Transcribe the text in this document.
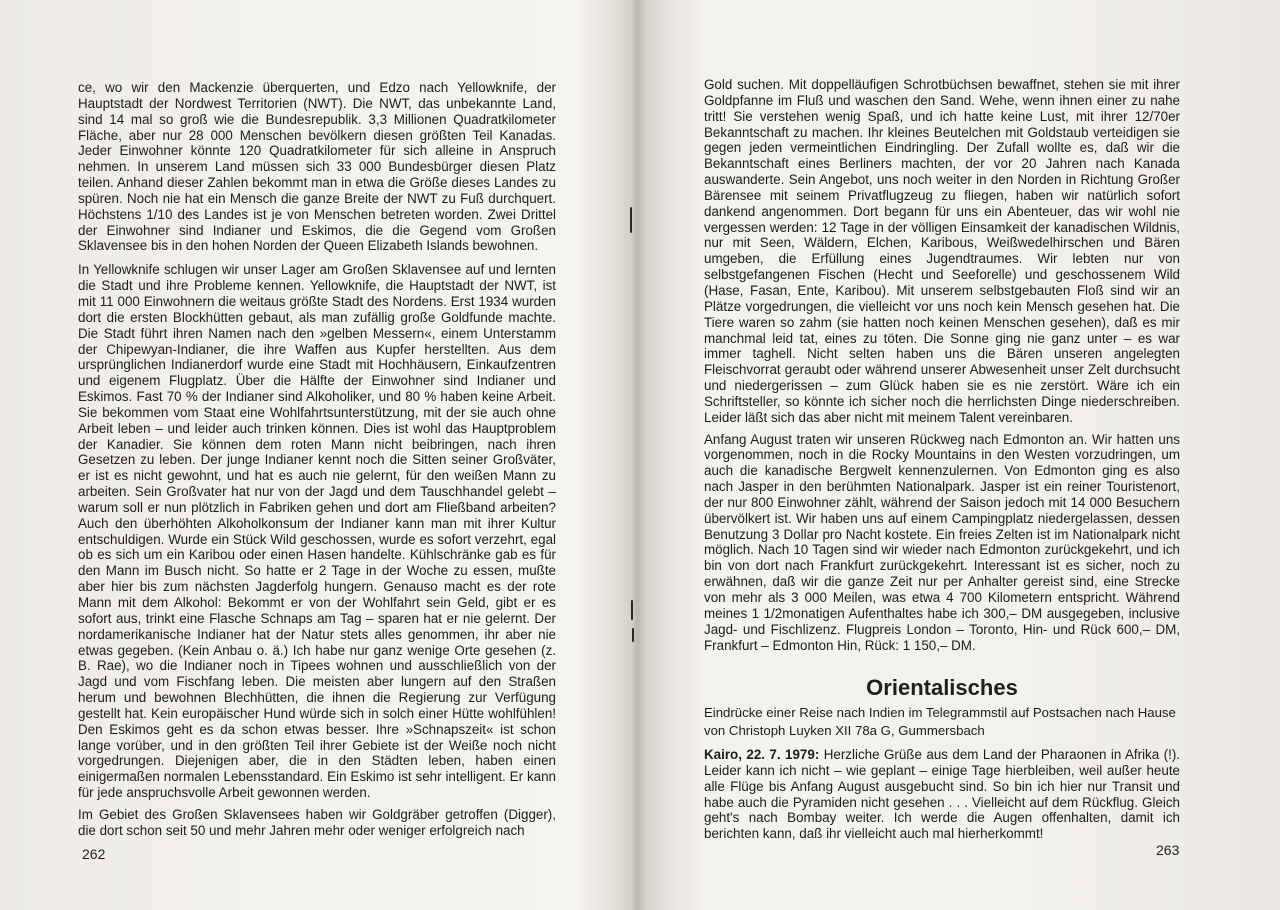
ce, wo wir den Mackenzie überquerten, und Edzo nach Yellowknife, der Hauptstadt der Nordwest Territorien (NWT). Die NWT, das unbekannte Land, sind 14 mal so groß wie die Bundesrepublik. 3,3 Millionen Quadratkilometer Fläche, aber nur 28 000 Menschen bevölkern diesen größten Teil Kanadas. Jeder Einwohner könnte 120 Quadratkilometer für sich alleine in Anspruch nehmen. In unserem Land müssen sich 33 000 Bundesbürger diesen Platz teilen. Anhand dieser Zahlen bekommt man in etwa die Größe dieses Landes zu spüren. Noch nie hat ein Mensch die ganze Breite der NWT zu Fuß durchquert. Höchstens 1/10 des Landes ist je von Menschen betreten worden. Zwei Drittel der Einwohner sind Indianer und Eskimos, die die Gegend vom Großen Sklavensee bis in den hohen Norden der Queen Elizabeth Islands bewohnen.

In Yellowknife schlugen wir unser Lager am Großen Sklavensee auf und lernten die Stadt und ihre Probleme kennen. Yellowknife, die Hauptstadt der NWT, ist mit 11 000 Einwohnern die weitaus größte Stadt des Nordens. Erst 1934 wurden dort die ersten Blockhütten gebaut, als man zufällig große Goldfunde machte. Die Stadt führt ihren Namen nach den »gelben Messern«, einem Unterstamm der Chipewyan-Indianer, die ihre Waffen aus Kupfer herstellten. Aus dem ursprünglichen Indianerdorf wurde eine Stadt mit Hochhäusern, Einkaufzentren und eigenem Flugplatz. Über die Hälfte der Einwohner sind Indianer und Eskimos. Fast 70 % der Indianer sind Alkoholiker, und 80 % haben keine Arbeit. Sie bekommen vom Staat eine Wohlfahrtsunterstützung, mit der sie auch ohne Arbeit leben – und leider auch trinken können. Dies ist wohl das Hauptproblem der Kanadier. Sie können dem roten Mann nicht beibringen, nach ihren Gesetzen zu leben. Der junge Indianer kennt noch die Sitten seiner Großväter, er ist es nicht gewohnt, und hat es auch nie gelernt, für den weißen Mann zu arbeiten. Sein Großvater hat nur von der Jagd und dem Tauschhandel gelebt – warum soll er nun plötzlich in Fabriken gehen und dort am Fließband arbeiten? Auch den überhöhten Alkoholkonsum der Indianer kann man mit ihrer Kultur entschuldigen. Wurde ein Stück Wild geschossen, wurde es sofort verzehrt, egal ob es sich um ein Karibou oder einen Hasen handelte. Kühlschränke gab es für den Mann im Busch nicht. So hatte er 2 Tage in der Woche zu essen, mußte aber hier bis zum nächsten Jagderfolg hungern. Genauso macht es der rote Mann mit dem Alkohol: Bekommt er von der Wohlfahrt sein Geld, gibt er es sofort aus, trinkt eine Flasche Schnaps am Tag – sparen hat er nie gelernt. Der nordamerikanische Indianer hat der Natur stets alles genommen, ihr aber nie etwas gegeben. (Kein Anbau o. ä.) Ich habe nur ganz wenige Orte gesehen (z. B. Rae), wo die Indianer noch in Tipees wohnen und ausschließlich von der Jagd und vom Fischfang leben. Die meisten aber lungern auf den Straßen herum und bewohnen Blechhütten, die ihnen die Regierung zur Verfügung gestellt hat. Kein europäischer Hund würde sich in solch einer Hütte wohlfühlen! Den Eskimos geht es da schon etwas besser. Ihre »Schnapszeit« ist schon lange vorüber, und in den größten Teil ihrer Gebiete ist der Weiße noch nicht vorgedrungen. Diejenigen aber, die in den Städten leben, haben einen einigermaßen normalen Lebensstandard. Ein Eskimo ist sehr intelligent. Er kann für jede anspruchsvolle Arbeit gewonnen werden.

Im Gebiet des Großen Sklavensees haben wir Goldgräber getroffen (Digger), die dort schon seit 50 und mehr Jahren mehr oder weniger erfolgreich nach

262

Gold suchen. Mit doppelläufigen Schrotbüchsen bewaffnet, stehen sie mit ihrer Goldpfanne im Fluß und waschen den Sand. Wehe, wenn ihnen einer zu nahe tritt! Sie verstehen wenig Spaß, und ich hatte keine Lust, mit ihrer 12/70er Bekanntschaft zu machen. Ihr kleines Beutelchen mit Goldstaub verteidigen sie gegen jeden vermeintlichen Eindringling. Der Zufall wollte es, daß wir die Bekanntschaft eines Berliners machten, der vor 20 Jahren nach Kanada auswanderte. Sein Angebot, uns noch weiter in den Norden in Richtung Großer Bärensee mit seinem Privatflugzeug zu fliegen, haben wir natürlich sofort dankend angenommen. Dort begann für uns ein Abenteuer, das wir wohl nie vergessen werden: 12 Tage in der völligen Einsamkeit der kanadischen Wildnis, nur mit Seen, Wäldern, Elchen, Karibous, Weißwedelhirschen und Bären umgeben, die Erfüllung eines Jugendtraumes. Wir lebten nur von selbstgefangenen Fischen (Hecht und Seeforelle) und geschossenem Wild (Hase, Fasan, Ente, Karibou). Mit unserem selbstgebauten Floß sind wir an Plätze vorgedrungen, die vielleicht vor uns noch kein Mensch gesehen hat. Die Tiere waren so zahm (sie hatten noch keinen Menschen gesehen), daß es mir manchmal leid tat, eines zu töten. Die Sonne ging nie ganz unter – es war immer taghell. Nicht selten haben uns die Bären unseren angelegten Fleischvorrat geraubt oder während unserer Abwesenheit unser Zelt durchsucht und niedergerissen – zum Glück haben sie es nie zerstört. Wäre ich ein Schriftsteller, so könnte ich sicher noch die herrlichsten Dinge niederschreiben. Leider läßt sich das aber nicht mit meinem Talent vereinbaren.

Anfang August traten wir unseren Rückweg nach Edmonton an. Wir hatten uns vorgenommen, noch in die Rocky Mountains in den Westen vorzudringen, um auch die kanadische Bergwelt kennenzulernen. Von Edmonton ging es also nach Jasper in den berühmten Nationalpark. Jasper ist ein reiner Touristenort, der nur 800 Einwohner zählt, während der Saison jedoch mit 14 000 Besuchern übervölkert ist. Wir haben uns auf einem Campingplatz niedergelassen, dessen Benutzung 3 Dollar pro Nacht kostete. Ein freies Zelten ist im Nationalpark nicht möglich. Nach 10 Tagen sind wir wieder nach Edmonton zurückgekehrt, und ich bin von dort nach Frankfurt zurückgekehrt. Interessant ist es sicher, noch zu erwähnen, daß wir die ganze Zeit nur per Anhalter gereist sind, eine Strecke von mehr als 3 000 Meilen, was etwa 4 700 Kilometern entspricht. Während meines 1 1/2monatigen Aufenthaltes habe ich 300,– DM ausgegeben, inclusive Jagd- und Fischlizenz. Flugpreis London – Toronto, Hin- und Rück 600,– DM, Frankfurt – Edmonton Hin, Rück: 1 150,– DM.

Orientalisches

Eindrücke einer Reise nach Indien im Telegrammstil auf Postsachen nach Hause

von Christoph Luyken XII 78a G, Gummersbach

Kairo, 22. 7. 1979: Herzliche Grüße aus dem Land der Pharaonen in Afrika (!). Leider kann ich nicht – wie geplant – einige Tage hierbleiben, weil außer heute alle Flüge bis Anfang August ausgebucht sind. So bin ich hier nur Transit und habe auch die Pyramiden nicht gesehen . . . Vielleicht auf dem Rückflug. Gleich geht's nach Bombay weiter. Ich werde die Augen offenhalten, damit ich berichten kann, daß ihr vielleicht auch mal hierherkommt!

263
